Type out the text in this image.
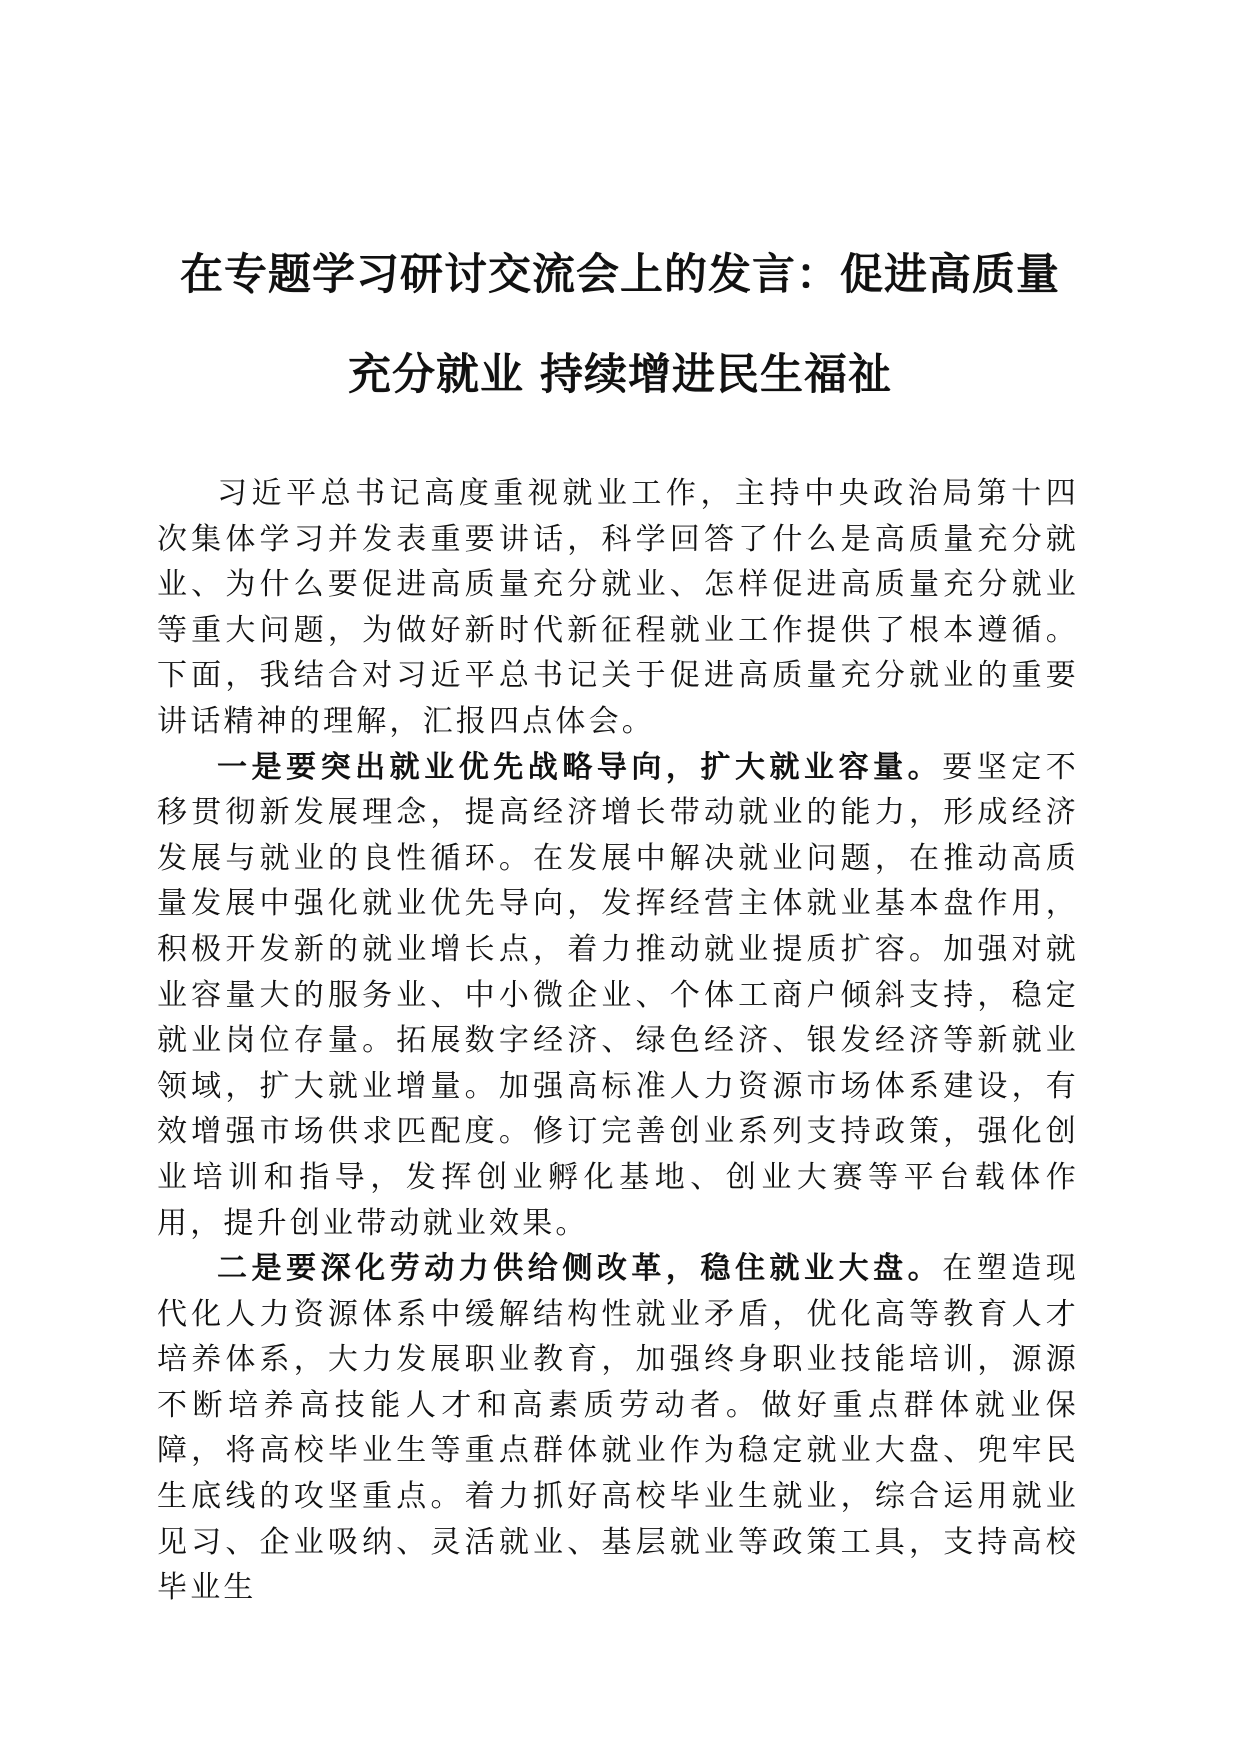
在专题学习研讨交流会上的发言：促进高质量
充分就业 持续增进民生福祉

习近平总书记高度重视就业工作，主持中央政治局第十四次集体学习并发表重要讲话，科学回答了什么是高质量充分就业、为什么要促进高质量充分就业、怎样促进高质量充分就业等重大问题，为做好新时代新征程就业工作提供了根本遵循。下面，我结合对习近平总书记关于促进高质量充分就业的重要讲话精神的理解，汇报四点体会。

一是要突出就业优先战略导向，扩大就业容量。要坚定不移贯彻新发展理念，提高经济增长带动就业的能力，形成经济发展与就业的良性循环。在发展中解决就业问题，在推动高质量发展中强化就业优先导向，发挥经营主体就业基本盘作用，积极开发新的就业增长点，着力推动就业提质扩容。加强对就业容量大的服务业、中小微企业、个体工商户倾斜支持，稳定就业岗位存量。拓展数字经济、绿色经济、银发经济等新就业领域，扩大就业增量。加强高标准人力资源市场体系建设，有效增强市场供求匹配度。修订完善创业系列支持政策，强化创业培训和指导，发挥创业孵化基地、创业大赛等平台载体作用，提升创业带动就业效果。

二是要深化劳动力供给侧改革，稳住就业大盘。在塑造现代化人力资源体系中缓解结构性就业矛盾，优化高等教育人才培养体系，大力发展职业教育，加强终身职业技能培训，源源不断培养高技能人才和高素质劳动者。做好重点群体就业保障，将高校毕业生等重点群体就业作为稳定就业大盘、兜牢民生底线的攻坚重点。着力抓好高校毕业生就业，综合运用就业见习、企业吸纳、灵活就业、基层就业等政策工具，支持高校毕业生
